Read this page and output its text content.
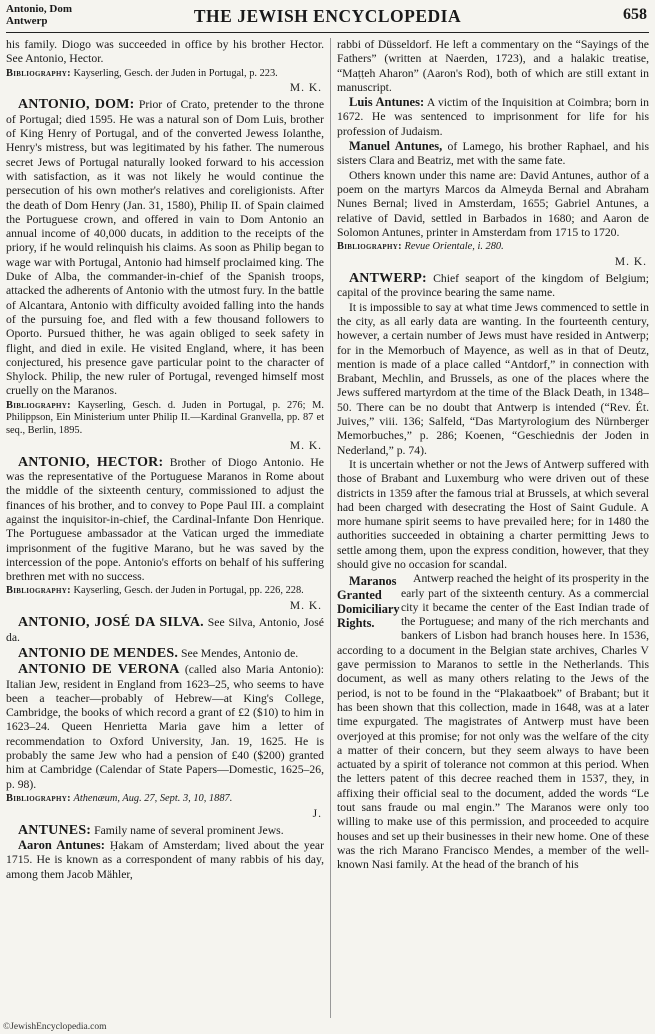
Antonio, Dom
Antwerp	THE JEWISH ENCYCLOPEDIA	658

his family. Diogo was succeeded in office by his brother Hector. See Antonio, Hector.

Bibliography: Kayserling, Gesch. der Juden in Portugal, p. 223.

M. K.

ANTONIO, DOM: Prior of Crato, pretender to the throne of Portugal; died 1595. He was a natural son of Dom Luis, brother of King Henry of Portugal, and of the converted Jewess Iolanthe, Henry's mistress, but was legitimated by his father. The numerous secret Jews of Portugal naturally looked forward to his accession with satisfaction, as it was not likely he would continue the persecution of his own mother's relatives and coreligionists. After the death of Dom Henry (Jan. 31, 1580), Philip II. of Spain claimed the Portuguese crown, and offered in vain to Dom Antonio an annual income of 40,000 ducats, in addition to the receipts of the priory, if he would relinquish his claims. As soon as Philip began to wage war with Portugal, Antonio had himself proclaimed king. The Duke of Alba, the commander-in-chief of the Spanish troops, attacked the adherents of Antonio with the utmost fury. In the battle of Alcantara, Antonio with difficulty avoided falling into the hands of the pursuing foe, and fled with a few thousand followers to Oporto. Pursued thither, he was again obliged to seek safety in flight, and died in exile. He visited England, where, it has been conjectured, his presence gave particular point to the character of Shylock. Philip, the new ruler of Portugal, revenged himself most cruelly on the Maranos.

Bibliography: Kayserling, Gesch. d. Juden in Portugal, p. 276; M. Philippson, Ein Ministerium unter Philip II.—Kardinal Granvella, pp. 87 et seq., Berlin, 1895.

M. K.

ANTONIO, HECTOR: Brother of Diogo Antonio. He was the representative of the Portuguese Maranos in Rome about the middle of the sixteenth century, commissioned to adjust the finances of his brother, and to convey to Pope Paul III. a complaint against the inquisitor-in-chief, the Cardinal-Infante Don Henrique. The Portuguese ambassador at the Vatican urged the immediate imprisonment of the fugitive Marano, but he was saved by the intercession of the pope. Antonio's efforts on behalf of his suffering brethren met with no success.

Bibliography: Kayserling, Gesch. der Juden in Portugal, pp. 226, 228.

M. K.

ANTONIO, JOSÉ DA SILVA. See Silva, Antonio, José da.

ANTONIO DE MENDES. See Mendes, Antonio de.

ANTONIO DE VERONA (called also Maria Antonio): Italian Jew, resident in England from 1623–25, who seems to have been a teacher—probably of Hebrew—at King's College, Cambridge, the books of which record a grant of £2 ($10) to him in 1623–24. Queen Henrietta Maria gave him a letter of recommendation to Oxford University, Jan. 19, 1625. He is probably the same Jew who had a pension of £40 ($200) granted him at Cambridge (Calendar of State Papers—Domestic, 1625–26, p. 98).

Bibliography: Athenæum, Aug. 27, Sept. 3, 10, 1887.

J.

ANTUNES: Family name of several prominent Jews.

Aaron Antunes: Ḥakam of Amsterdam; lived about the year 1715. He is known as a correspondent of many rabbis of his day, among them Jacob Mähler,

rabbi of Düsseldorf. He left a commentary on the “Sayings of the Fathers” (written at Naerden, 1723), and a halakic treatise, “Maṭṭeh Aharon” (Aaron's Rod), both of which are still extant in manuscript.

Luis Antunes: A victim of the Inquisition at Coimbra; born in 1672. He was sentenced to imprisonment for life for his profession of Judaism.

Manuel Antunes, of Lamego, his brother Raphael, and his sisters Clara and Beatriz, met with the same fate.

Others known under this name are: David Antunes, author of a poem on the martyrs Marcos da Almeyda Bernal and Abraham Nunes Bernal; lived in Amsterdam, 1655; Gabriel Antunes, a relative of David, settled in Barbados in 1680; and Aaron de Solomon Antunes, printer in Amsterdam from 1715 to 1720.

Bibliography: Revue Orientale, i. 280.

M. K.

ANTWERP: Chief seaport of the kingdom of Belgium; capital of the province bearing the same name.

It is impossible to say at what time Jews commenced to settle in the city, as all early data are wanting. In the fourteenth century, however, a certain number of Jews must have resided in Antwerp; for in the Memorbuch of Mayence, as well as in that of Deutz, mention is made of a place called “Antdorf,” in connection with Brabant, Mechlin, and Brussels, as one of the places where the Jews suffered martyrdom at the time of the Black Death, in 1348–50. There can be no doubt that Antwerp is intended (“Rev. Ét. Juives,” viii. 136; Salfeld, “Das Martyrologium des Nürnberger Memorbuches,” p. 286; Koenen, “Geschiednis der Joden in Nederland,” p. 74).

It is uncertain whether or not the Jews of Antwerp suffered with those of Brabant and Luxemburg who were driven out of these districts in 1359 after the famous trial at Brussels, at which several had been charged with desecrating the Host of Saint Gudule. A more humane spirit seems to have prevailed here; for in 1480 the authorities succeeded in obtaining a charter permitting Jews to settle among them, upon the express condition, however, that they should give no occasion for scandal.

Maranos Granted Domiciliary Rights.
Antwerp reached the height of its prosperity in the early part of the sixteenth century. As a commercial city it became the center of the East Indian trade of the Portuguese; and many of the rich merchants and bankers of Lisbon had branch houses here. In 1536, according to a document in the Belgian state archives, Charles V gave permission to Maranos to settle in the Netherlands. This document, as well as many others relating to the Jews of the period, is not to be found in the “Plakaatboek” of Brabant; but it has been shown that this collection, made in 1648, was at a later time expurgated. The magistrates of Antwerp must have been overjoyed at this promise; for not only was the welfare of the city a matter of their concern, but they seem always to have been actuated by a spirit of tolerance not common at this period. When the letters patent of this decree reached them in 1537, they, in affixing their official seal to the document, added the words “Le tout sans fraude ou mal engin.” The Maranos were only too willing to make use of this permission, and proceeded to acquire houses and set up their businesses in their new home. One of these was the rich Marano Francisco Mendes, a member of the well-known Nasi family. At the head of the branch of his

©JewishEncyclopedia.com
